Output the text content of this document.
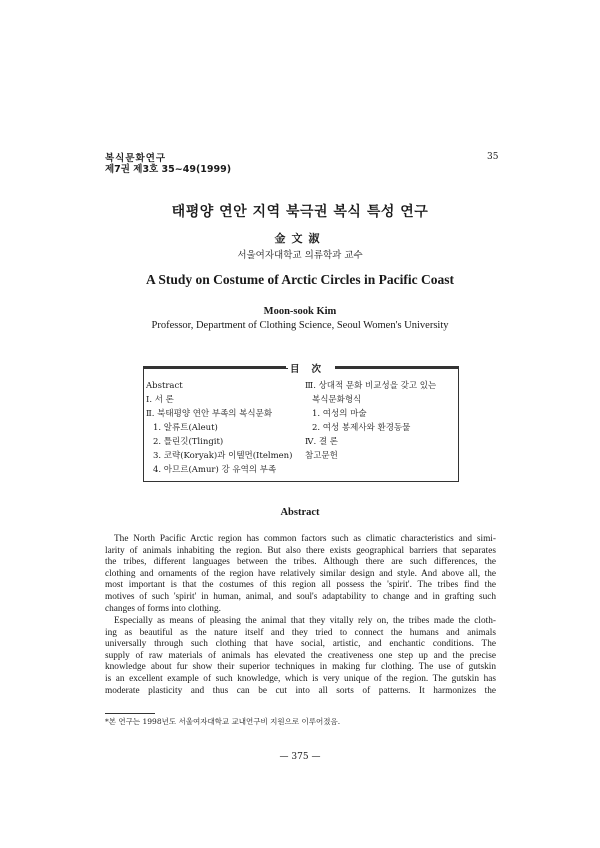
복식문화연구
제7권 제3호 35~49(1999)
35
태평양 연안 지역 북극권 복식 특성 연구
金文淑
서울여자대학교 의류학과 교수
A Study on Costume of Arctic Circles in Pacific Coast
Moon-sook Kim
Professor, Department of Clothing Science, Seoul Women's University
目次
Abstract
Ⅰ. 서 론
Ⅱ. 북태평양 연안 부족의 복식문화
1. 알류트(Aleut)
2. 틀린깃(Tlingit)
3. 코략(Koryak)과 이텔먼(Itelmen)
4. 아므르(Amur) 강 유역의 부족
Ⅲ. 상대적 문화 비교성을 갖고 있는
복식문화형식
1. 여성의 마술
2. 여성 봉제사와 환경동물
Ⅳ. 결 론
참고문헌
Abstract
The North Pacific Arctic region has common factors such as climatic characteristics and simi-
larity of animals inhabiting the region. But also there exists geographical barriers that separates
the tribes, different languages between the tribes. Although there are such differences, the
clothing and ornaments of the region have relatively similar design and style. And above all, the
most important is that the costumes of this region all possess the 'spirit'. The tribes find the
motives of such 'spirit' in human, animal, and soul's adaptability to change and in grafting such
changes of forms into clothing.
Especially as means of pleasing the animal that they vitally rely on, the tribes made the cloth-
ing as beautiful as the nature itself and they tried to connect the humans and animals
universally through such clothing that have social, artistic, and enchantic conditions. The
supply of raw materials of animals has elevated the creativeness one step up and the precise
knowledge about fur show their superior techniques in making fur clothing. The use of gutskin
is an excellent example of such knowledge, which is very unique of the region. The gutskin has
moderate plasticity and thus can be cut into all sorts of patterns. It harmonizes the
*본 연구는 1998년도 서울여자대학교 교내연구비 지원으로 이루어졌음.
— 375 —
